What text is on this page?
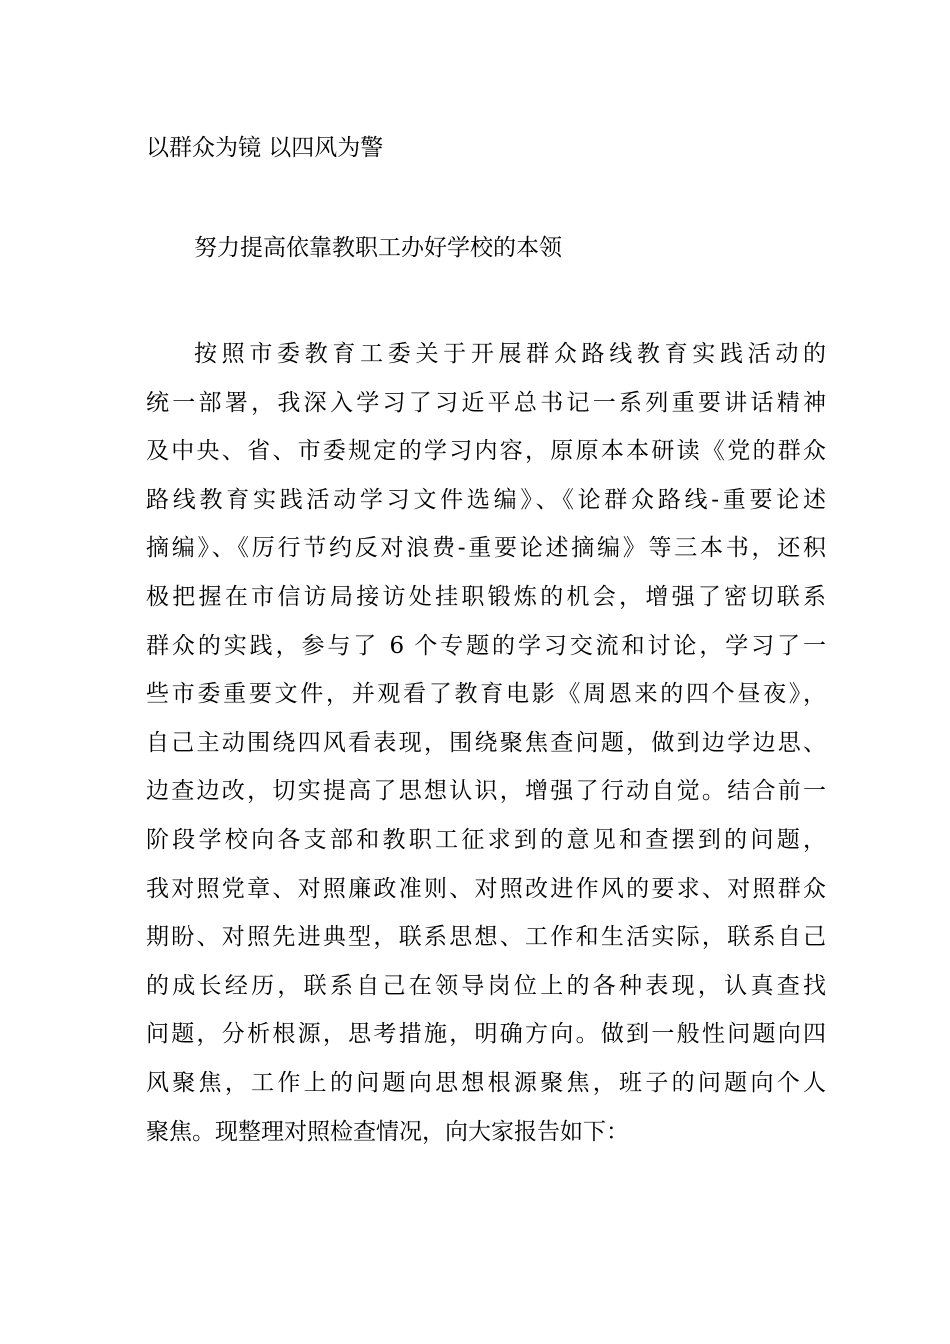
以群众为镜 以四风为警
努力提高依靠教职工办好学校的本领
按照市委教育工委关于开展群众路线教育实践活动的
统一部署，我深入学习了习近平总书记一系列重要讲话精神
及中央、省、市委规定的学习内容，原原本本研读《党的群众
路线教育实践活动学习文件选编》、《论群众路线-重要论述
摘编》、《厉行节约反对浪费-重要论述摘编》等三本书，还积
极把握在市信访局接访处挂职锻炼的机会，增强了密切联系
群众的实践，参与了 6 个专题的学习交流和讨论，学习了一
些市委重要文件，并观看了教育电影《周恩来的四个昼夜》，
自己主动围绕四风看表现，围绕聚焦查问题，做到边学边思、
边查边改，切实提高了思想认识，增强了行动自觉。结合前一
阶段学校向各支部和教职工征求到的意见和查摆到的问题，
我对照党章、对照廉政准则、对照改进作风的要求、对照群众
期盼、对照先进典型，联系思想、工作和生活实际，联系自己
的成长经历，联系自己在领导岗位上的各种表现，认真查找
问题，分析根源，思考措施，明确方向。做到一般性问题向四
风聚焦，工作上的问题向思想根源聚焦，班子的问题向个人
聚焦。现整理对照检查情况，向大家报告如下：
